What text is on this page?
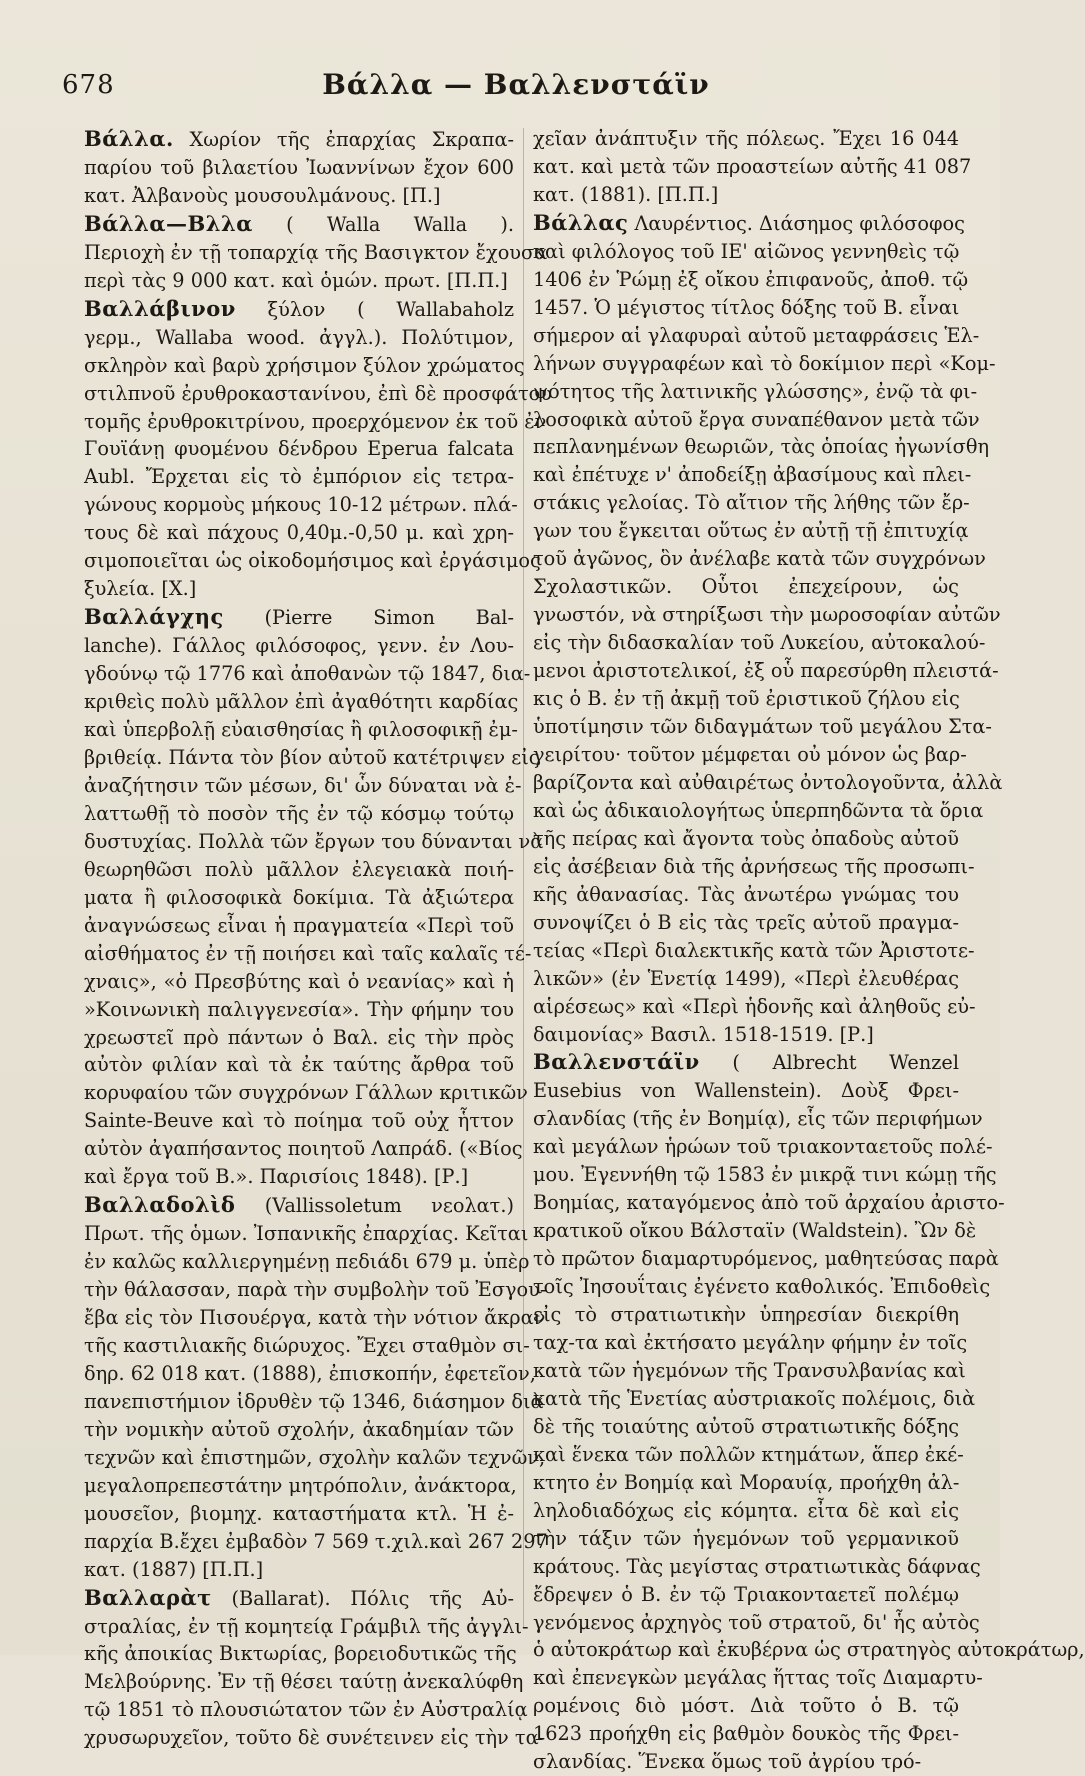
678	Βάλλα — Βαλλενστάϊν
Βάλλα. Χωρίον τῆς ἐπαρχίας Σκραπα-
παρίου τοῦ βιλαετίου Ἰωαννίνων ἔχον 600
κατ. Ἀλβανοὺς μουσουλμάνους. [Π.]
Βάλλα—Βλλα ( Walla Walla ).
Περιοχὴ ἐν τῇ τοπαρχίᾳ τῆς Βασιγκτον ἔχουσα
περὶ τὰς 9 000 κατ. καὶ ὁμών. πρωτ. [Π.Π.]
Βαλλάβινον ξύλον ( Wallabaholz
γερμ., Wallaba wood. ἀγγλ.). Πολύτιμον,
σκληρὸν καὶ βαρὺ χρήσιμον ξύλον χρώματος
στιλπνοῦ ἐρυθροκαστανίνου, ἐπὶ δὲ προσφάτου
τομῆς ἐρυθροκιτρίνου, προερχόμενον ἐκ τοῦ ἐν
Γουϊάνῃ φυομένου δένδρου Eperua falcata
Aubl. Ἔρχεται εἰς τὸ ἐμπόριον εἰς τετρα-
γώνους κορμοὺς μήκους 10-12 μέτρων. πλά-
τους δὲ καὶ πάχους 0,40μ.-0,50 μ. καὶ χρη-
σιμοποιεῖται ὡς οἰκοδομήσιμος καὶ ἐργάσιμος
ξυλεία. [Χ.]
Βαλλάγχης (Pierre Simon Bal-
lanche). Γάλλος φιλόσοφος, γενν. ἐν Λου-
γδούνῳ τῷ 1776 καὶ ἀποθανὼν τῷ 1847, δια-
κριθεὶς πολὺ μᾶλλον ἐπὶ ἀγαθότητι καρδίας
καὶ ὑπερβολῇ εὐαισθησίας ἢ φιλοσοφικῇ ἐμ-
βριθείᾳ. Πάντα τὸν βίον αὐτοῦ κατέτριψεν εἰς
ἀναζήτησιν τῶν μέσων, δι' ὧν δύναται νὰ ἐ-
λαττωθῇ τὸ ποσὸν τῆς ἐν τῷ κόσμῳ τούτῳ
δυστυχίας. Πολλὰ τῶν ἔργων του δύνανται νὰ
θεωρηθῶσι πολὺ μᾶλλον ἐλεγειακὰ ποιή-
ματα ἢ φιλοσοφικὰ δοκίμια. Τὰ ἀξιώτερα
ἀναγνώσεως εἶναι ἡ πραγματεία «Περὶ τοῦ
αἰσθήματος ἐν τῇ ποιήσει καὶ ταῖς καλαῖς τέ-
χναις», «ὁ Πρεσβύτης καὶ ὁ νεανίας» καὶ ἡ
»Κοινωνικὴ παλιγγενεσία». Τὴν φήμην του
χρεωστεῖ πρὸ πάντων ὁ Βαλ. εἰς τὴν πρὸς
αὐτὸν φιλίαν καὶ τὰ ἐκ ταύτης ἄρθρα τοῦ
κορυφαίου τῶν συγχρόνων Γάλλων κριτικῶν
Sainte-Beuve καὶ τὸ ποίημα τοῦ οὐχ ἧττον
αὐτὸν ἀγαπήσαντος ποιητοῦ Λαπράδ. («Βίος
καὶ ἔργα τοῦ Β.». Παρισίοις 1848). [Ρ.]
Βαλλαδολὶδ (Vallissoletum νεολατ.)
Πρωτ. τῆς ὁμων. Ἰσπανικῆς ἐπαρχίας. Κεῖται
ἐν καλῶς καλλιεργημένῃ πεδιάδι 679 μ. ὑπὲρ
τὴν θάλασσαν, παρὰ τὴν συμβολὴν τοῦ Ἐσγου-
ἔβα εἰς τὸν Πισουέργα, κατὰ τὴν νότιον ἄκραν
τῆς καστιλιακῆς διώρυχος. Ἔχει σταθμὸν σι-
δηρ. 62 018 κατ. (1888), ἐπισκοπήν, ἐφετεῖον,
πανεπιστήμιον ἱδρυθὲν τῷ 1346, διάσημον διὰ
τὴν νομικὴν αὐτοῦ σχολήν, ἀκαδημίαν τῶν
τεχνῶν καὶ ἐπιστημῶν, σχολὴν καλῶν τεχνῶν,
μεγαλοπρεπεστάτην μητρόπολιν, ἀνάκτορα,
μουσεῖον, βιομηχ. καταστήματα κτλ. Ἡ ἐ-
παρχία Β.ἔχει ἐμβαδὸν 7 569 τ.χιλ.καὶ 267 297
κατ. (1887) [Π.Π.]
Βαλλαρὰτ (Ballarat). Πόλις τῆς Αὐ-
στραλίας, ἐν τῇ κομητείᾳ Γράμβιλ τῆς ἀγγλι-
κῆς ἀποικίας Βικτωρίας, βορειοδυτικῶς τῆς
Μελβούρνης. Ἐν τῇ θέσει ταύτῃ ἀνεκαλύφθη
τῷ 1851 τὸ πλουσιώτατον τῶν ἐν Αὐστραλίᾳ
χρυσωρυχεῖον, τοῦτο δὲ συνέτεινεν εἰς τὴν τα-
χεῖαν ἀνάπτυξιν τῆς πόλεως. Ἔχει 16 044
κατ. καὶ μετὰ τῶν προαστείων αὐτῆς 41 087
κατ. (1881). [Π.Π.]
Βάλλας Λαυρέντιος. Διάσημος φιλόσοφος
καὶ φιλόλογος τοῦ ΙΕ' αἰῶνος γεννηθεὶς τῷ
1406 ἐν Ῥώμῃ ἐξ οἴκου ἐπιφανοῦς, ἀποθ. τῷ
1457. Ὁ μέγιστος τίτλος δόξης τοῦ Β. εἶναι
σήμερον αἱ γλαφυραὶ αὐτοῦ μεταφράσεις Ἑλ-
λήνων συγγραφέων καὶ τὸ δοκίμιον περὶ «Κομ-
ψότητος τῆς λατινικῆς γλώσσης», ἐνῷ τὰ φι-
λοσοφικὰ αὐτοῦ ἔργα συναπέθανον μετὰ τῶν
πεπλανημένων θεωριῶν, τὰς ὁποίας ἠγωνίσθη
καὶ ἐπέτυχε ν' ἀποδείξῃ ἀβασίμους καὶ πλει-
στάκις γελοίας. Τὸ αἴτιον τῆς λήθης τῶν ἔρ-
γων του ἔγκειται οὕτως ἐν αὐτῇ τῇ ἐπιτυχίᾳ
τοῦ ἀγῶνος, ὃν ἀνέλαβε κατὰ τῶν συγχρόνων
Σχολαστικῶν. Οὗτοι ἐπεχείρουν, ὡς
γνωστόν, νὰ στηρίξωσι τὴν μωροσοφίαν αὐτῶν
εἰς τὴν διδασκαλίαν τοῦ Λυκείου, αὐτοκαλού-
μενοι ἀριστοτελικοί, ἐξ οὗ παρεσύρθη πλειστά-
κις ὁ Β. ἐν τῇ ἀκμῇ τοῦ ἐριστικοῦ ζήλου εἰς
ὑποτίμησιν τῶν διδαγμάτων τοῦ μεγάλου Στα-
γειρίτου· τοῦτον μέμφεται οὐ μόνον ὡς βαρ-
βαρίζοντα καὶ αὐθαιρέτως ὀντολογοῦντα, ἀλλὰ
καὶ ὡς ἀδικαιολογήτως ὑπερπηδῶντα τὰ ὅρια
τῆς πείρας καὶ ἄγοντα τοὺς ὀπαδοὺς αὐτοῦ
εἰς ἀσέβειαν διὰ τῆς ἀρνήσεως τῆς προσωπι-
κῆς ἀθανασίας. Τὰς ἀνωτέρω γνώμας του
συνοψίζει ὁ Β εἰς τὰς τρεῖς αὐτοῦ πραγμα-
τείας «Περὶ διαλεκτικῆς κατὰ τῶν Ἀριστοτε-
λικῶν» (ἐν Ἑνετίᾳ 1499), «Περὶ ἐλευθέρας
αἱρέσεως» καὶ «Περὶ ἡδονῆς καὶ ἀληθοῦς εὐ-
δαιμονίας» Βασιλ. 1518-1519. [Ρ.]
Βαλλενστάϊν ( Albrecht Wenzel
Eusebius von Wallenstein). Δοὺξ Φρει-
σλανδίας (τῆς ἐν Βοημίᾳ), εἷς τῶν περιφήμων
καὶ μεγάλων ἡρώων τοῦ τριακονταετοῦς πολέ-
μου. Ἐγεννήθη τῷ 1583 ἐν μικρᾷ τινι κώμῃ τῆς
Βοημίας, καταγόμενος ἀπὸ τοῦ ἀρχαίου ἀριστο-
κρατικοῦ οἴκου Βάλσταϊν (Waldstein). Ὢν δὲ
τὸ πρῶτον διαμαρτυρόμενος, μαθητεύσας παρὰ
τοῖς Ἰησουΐταις ἐγένετο καθολικός. Ἐπιδοθεὶς
εἰς τὸ στρατιωτικὴν ὑπηρεσίαν διεκρίθη
ταχ-τα καὶ ἐκτήσατο μεγάλην φήμην ἐν τοῖς
κατὰ τῶν ἡγεμόνων τῆς Τρανσυλβανίας καὶ
κατὰ τῆς Ἑνετίας αὐστριακοῖς πολέμοις, διὰ
δὲ τῆς τοιαύτης αὐτοῦ στρατιωτικῆς δόξης
καὶ ἕνεκα τῶν πολλῶν κτημάτων, ἅπερ ἐκέ-
κτητο ἐν Βοημίᾳ καὶ Μοραυίᾳ, προήχθη ἀλ-
ληλοδιαδόχως εἰς κόμητα. εἶτα δὲ καὶ εἰς
τὴν τάξιν τῶν ἡγεμόνων τοῦ γερμανικοῦ
κράτους. Τὰς μεγίστας στρατιωτικὰς δάφνας
ἔδρεψεν ὁ Β. ἐν τῷ Τριακονταετεῖ πολέμῳ
γενόμενος ἀρχηγὸς τοῦ στρατοῦ, δι' ἧς αὐτὸς
ὁ αὐτοκράτωρ καὶ ἐκυβέρνα ὡς στρατηγὸς αὐτοκράτωρ,
καὶ ἐπενεγκὼν μεγάλας ἥττας τοῖς Διαμαρτυ-
ρομένοις διὸ μόστ. Διὰ τοῦτο ὁ Β. τῷ
1623 προήχθη εἰς βαθμὸν δουκὸς τῆς Φρει-
σλανδίας. Ἕνεκα ὅμως τοῦ ἀγρίου τρό-
